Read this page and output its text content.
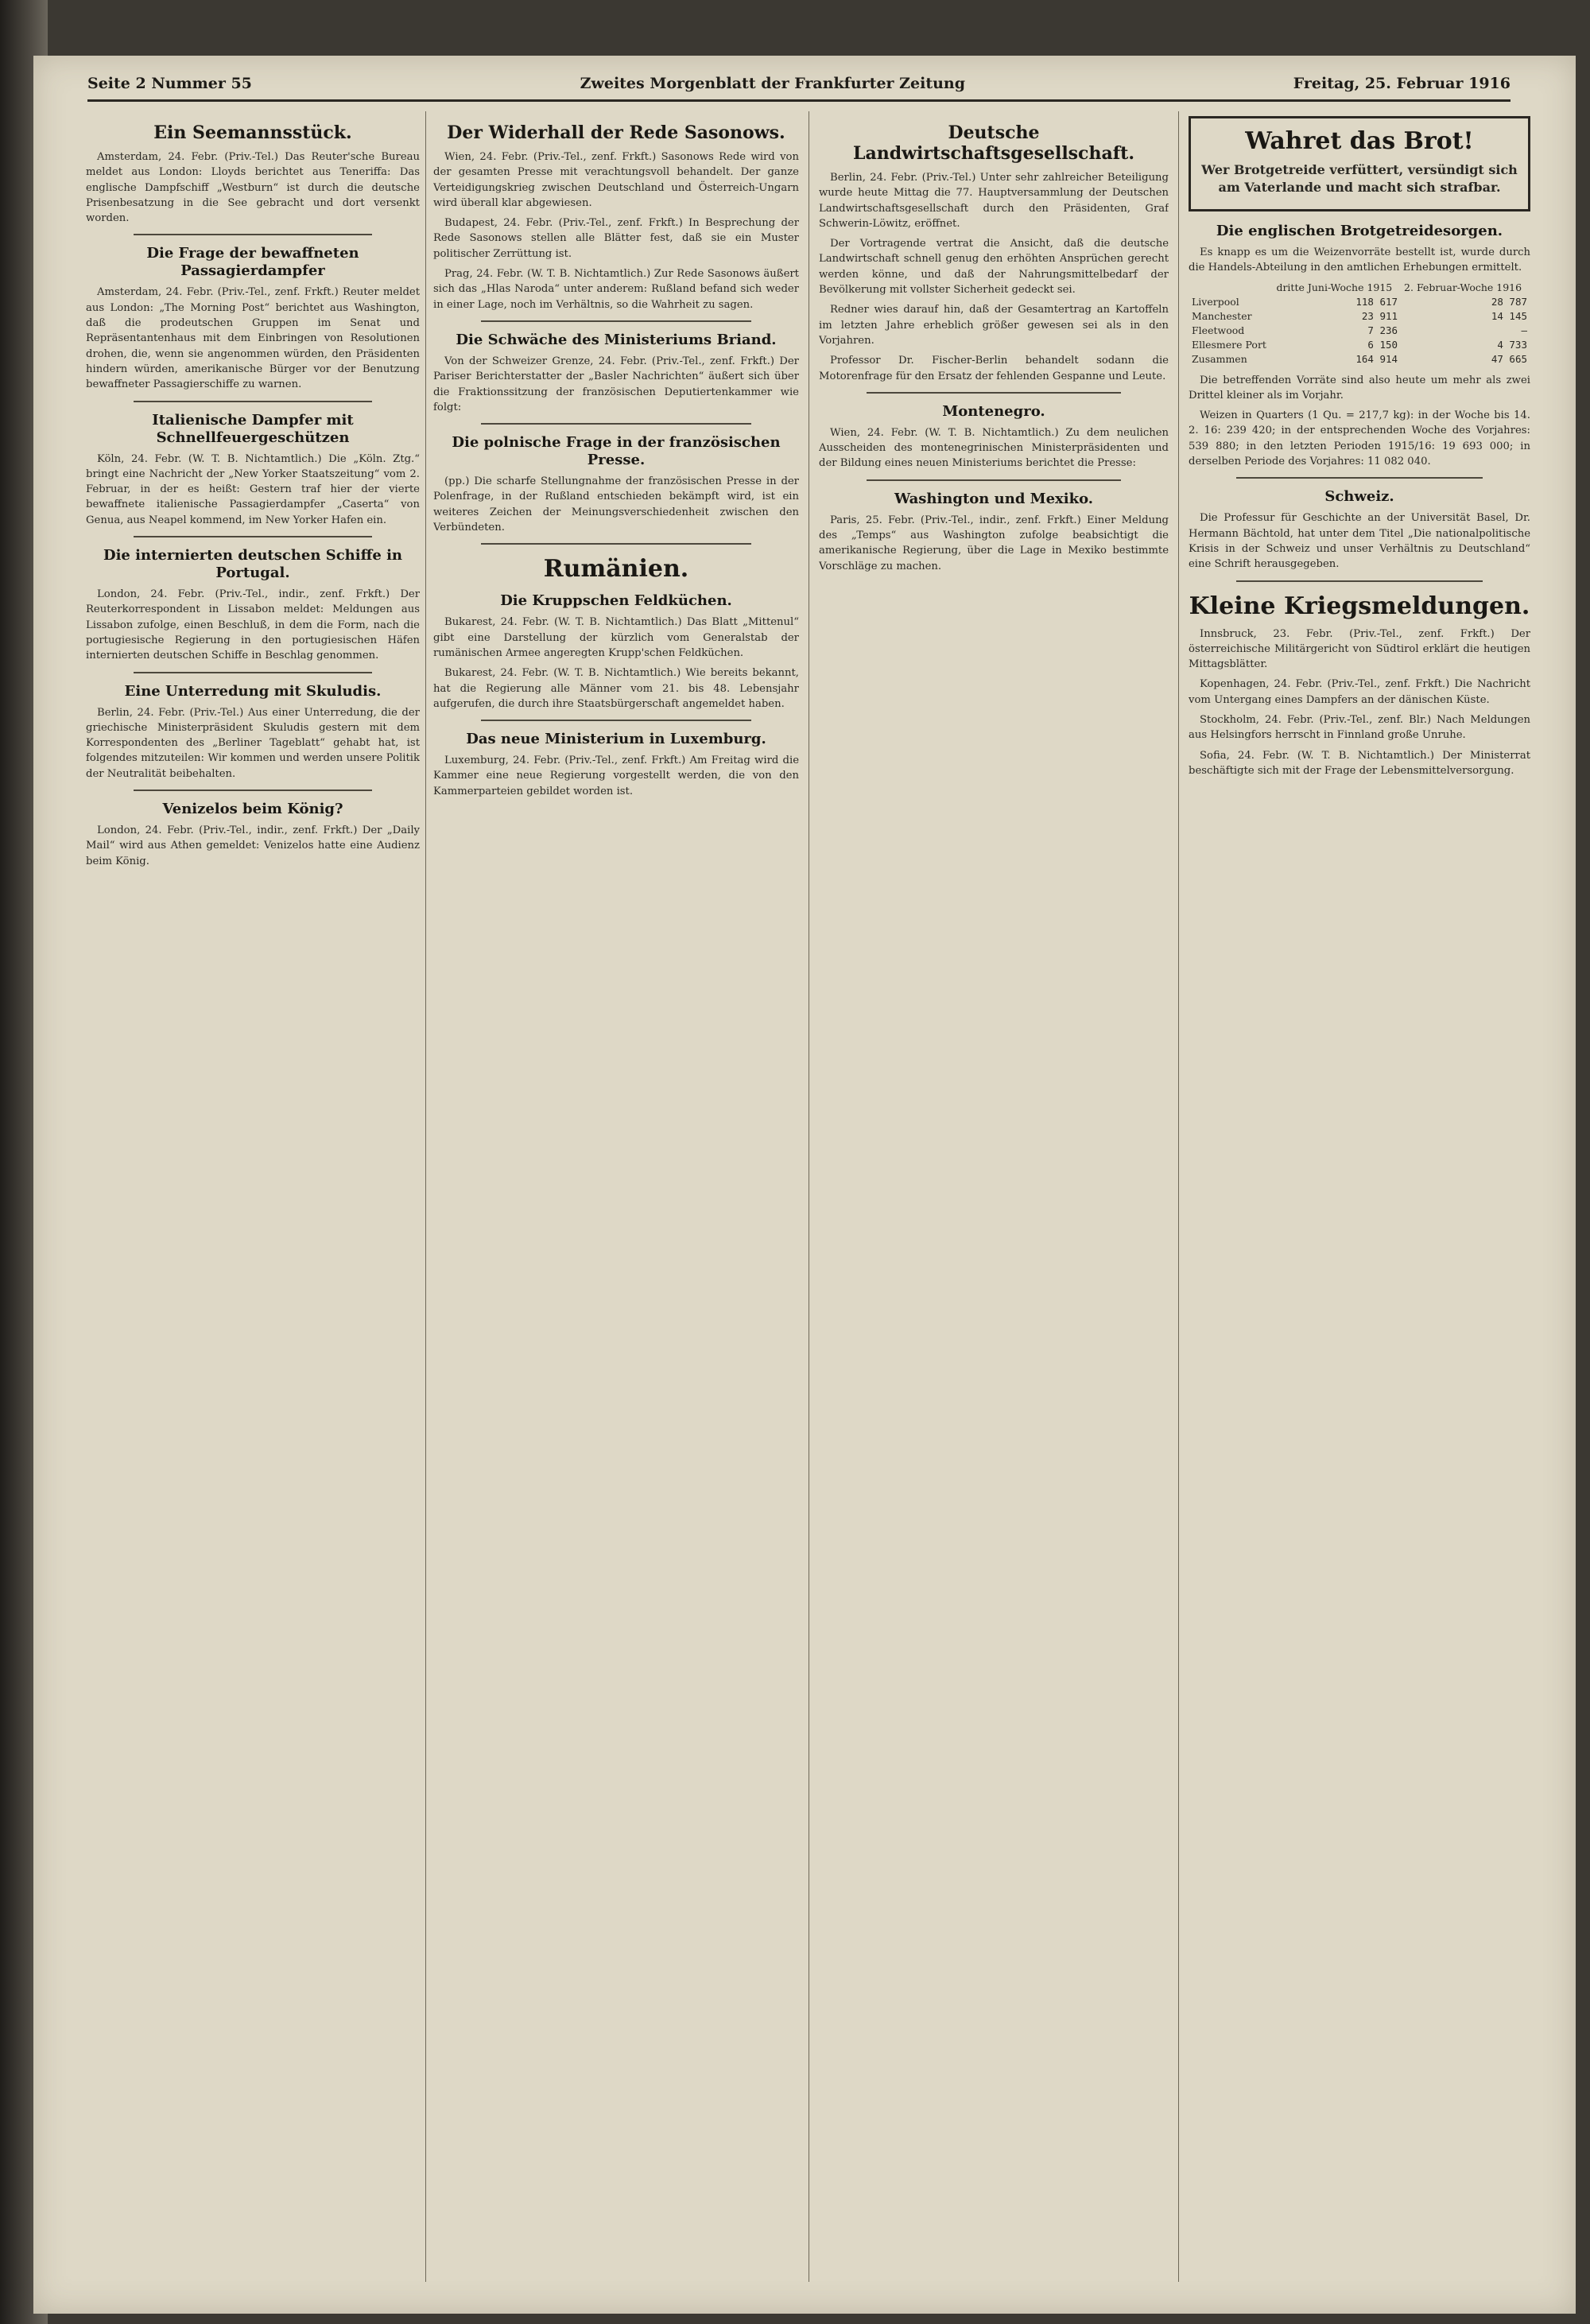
Seite 2 Nummer 55	Zweites Morgenblatt der Frankfurter Zeitung	Freitag, 25. Februar 1916
Ein Seemannsstück.

Amsterdam, 24. Febr. (Priv.-Tel.) Das Reuter'sche Bureau meldet aus London: Lloyds berichtet aus Teneriffa: Das englische Dampfschiff „Westburn“ ist durch die deutsche Prisenbesatzung in die See gebracht und dort versenkt worden.

Die Frage der bewaffneten Passagierdampfer

Amsterdam, 24. Febr. (Priv.-Tel., zenf. Frkft.) Reuter meldet aus London: „The Morning Post“ berichtet aus Washington, daß die prodeutschen Gruppen im Senat und Repräsentantenhaus mit dem Einbringen von Resolutionen drohen, die, wenn sie angenommen würden, den Präsidenten hindern würden, amerikanische Bürger vor der Benutzung bewaffneter Passagierschiffe zu warnen.

Italienische Dampfer mit Schnellfeuergeschützen

Köln, 24. Febr. (W. T. B. Nichtamtlich.) Die „Köln. Ztg.“ bringt eine Nachricht der „New Yorker Staatszeitung“ vom 2. Februar, in der es heißt: Gestern traf hier der vierte bewaffnete italienische Passagierdampfer „Caserta“ von Genua, aus Neapel kommend, im New Yorker Hafen ein.

Die internierten deutschen Schiffe in Portugal.

London, 24. Febr. (Priv.-Tel., indir., zenf. Frkft.) Der Reuterkorrespondent in Lissabon meldet: Meldungen aus Lissabon zufolge, einen Beschluß, in dem die Form, nach die portugiesische Regierung in den portugiesischen Häfen internierten deutschen Schiffe in Beschlag genommen.

Eine Unterredung mit Skuludis.

Berlin, 24. Febr. (Priv.-Tel.) Aus einer Unterredung, die der griechische Ministerpräsident Skuludis gestern mit dem Korrespondenten des „Berliner Tageblatt“ gehabt hat, ist folgendes mitzuteilen: Wir kommen und werden unsere Politik der Neutralität beibehalten.

Venizelos beim König?

London, 24. Febr. (Priv.-Tel., indir., zenf. Frkft.) Der „Daily Mail“ wird aus Athen gemeldet: Venizelos hatte eine Audienz beim König.

Der Widerhall der Rede Sasonows.

Wien, 24. Febr. (Priv.-Tel., zenf. Frkft.) Sasonows Rede wird von der gesamten Presse mit verachtungsvoll behandelt. Der ganze Verteidigungskrieg zwischen Deutschland und Österreich-Ungarn wird überall klar abgewiesen.

Budapest, 24. Febr. (Priv.-Tel., zenf. Frkft.) In Besprechung der Rede Sasonows stellen alle Blätter fest, daß sie ein Muster politischer Zerrüttung ist.

Prag, 24. Febr. (W. T. B. Nichtamtlich.) Zur Rede Sasonows äußert sich das „Hlas Naroda“ unter anderem: Rußland befand sich weder in einer Lage, noch im Verhältnis, so die Wahrheit zu sagen.

Die Schwäche des Ministeriums Briand.

Von der Schweizer Grenze, 24. Febr. (Priv.-Tel., zenf. Frkft.) Der Pariser Berichterstatter der „Basler Nachrichten“ äußert sich über die Fraktionssitzung der französischen Deputiertenkammer wie folgt:

Die polnische Frage in der französischen Presse.

(pp.) Die scharfe Stellungnahme der französischen Presse in der Polenfrage, in der Rußland entschieden bekämpft wird, ist ein weiteres Zeichen der Meinungsverschiedenheit zwischen den Verbündeten.

Rumänien.
Die Kruppschen Feldküchen.

Bukarest, 24. Febr. (W. T. B. Nichtamtlich.) Das Blatt „Mittenul“ gibt eine Darstellung der kürzlich vom Generalstab der rumänischen Armee angeregten Krupp'schen Feldküchen.

Bukarest, 24. Febr. (W. T. B. Nichtamtlich.) Wie bereits bekannt, hat die Regierung alle Männer vom 21. bis 48. Lebensjahr aufgerufen, die durch ihre Staatsbürgerschaft angemeldet haben.

Das neue Ministerium in Luxemburg.

Luxemburg, 24. Febr. (Priv.-Tel., zenf. Frkft.) Am Freitag wird die Kammer eine neue Regierung vorgestellt werden, die von den Kammerparteien gebildet worden ist.

Deutsche Landwirtschaftsgesellschaft.

Berlin, 24. Febr. (Priv.-Tel.) Unter sehr zahlreicher Beteiligung wurde heute Mittag die 77. Hauptversammlung der Deutschen Landwirtschaftsgesellschaft durch den Präsidenten, Graf Schwerin-Löwitz, eröffnet.

Der Vortragende vertrat die Ansicht, daß die deutsche Landwirtschaft schnell genug den erhöhten Ansprüchen gerecht werden könne, und daß der Nahrungsmittelbedarf der Bevölkerung mit vollster Sicherheit gedeckt sei.

Redner wies darauf hin, daß der Gesamtertrag an Kartoffeln im letzten Jahre erheblich größer gewesen sei als in den Vorjahren.

Professor Dr. Fischer-Berlin behandelt sodann die Motorenfrage für den Ersatz der fehlenden Gespanne und Leute.

Montenegro.

Wien, 24. Febr. (W. T. B. Nichtamtlich.) Zu dem neulichen Ausscheiden des montenegrinischen Ministerpräsidenten und der Bildung eines neuen Ministeriums berichtet die Presse:

Washington und Mexiko.

Paris, 25. Febr. (Priv.-Tel., indir., zenf. Frkft.) Einer Meldung des „Temps“ aus Washington zufolge beabsichtigt die amerikanische Regierung, über die Lage in Mexiko bestimmte Vorschläge zu machen.

Wahret das Brot!

Wer Brotgetreide verfüttert, versündigt sich am Vaterlande und macht sich strafbar.

Die englischen Brotgetreidesorgen.

Es knapp es um die Weizenvorräte bestellt ist, wurde durch die Handels-Abteilung in den amtlichen Erhebungen ermittelt.

	dritte Juni-Woche 1915	2. Februar-Woche 1916
Liverpool	118 617	28 787
Manchester	23 911	14 145
Fleetwood	7 236	—
Ellesmere Port	6 150	4 733
Zusammen	164 914	47 665

Die betreffenden Vorräte sind also heute um mehr als zwei Drittel kleiner als im Vorjahr.

Weizen in Quarters (1 Qu. = 217,7 kg): in der Woche bis 14. 2. 16: 239 420; in der entsprechenden Woche des Vorjahres: 539 880; in den letzten Perioden 1915/16: 19 693 000; in derselben Periode des Vorjahres: 11 082 040.

Schweiz.

Die Professur für Geschichte an der Universität Basel, Dr. Hermann Bächtold, hat unter dem Titel „Die nationalpolitische Krisis in der Schweiz und unser Verhältnis zu Deutschland“ eine Schrift herausgegeben.

Kleine Kriegsmeldungen.

Innsbruck, 23. Febr. (Priv.-Tel., zenf. Frkft.) Der österreichische Militärgericht von Südtirol erklärt die heutigen Mittagsblätter.

Kopenhagen, 24. Febr. (Priv.-Tel., zenf. Frkft.) Die Nachricht vom Untergang eines Dampfers an der dänischen Küste.

Stockholm, 24. Febr. (Priv.-Tel., zenf. Blr.) Nach Meldungen aus Helsingfors herrscht in Finnland große Unruhe.

Sofia, 24. Febr. (W. T. B. Nichtamtlich.) Der Ministerrat beschäftigte sich mit der Frage der Lebensmittelversorgung.
